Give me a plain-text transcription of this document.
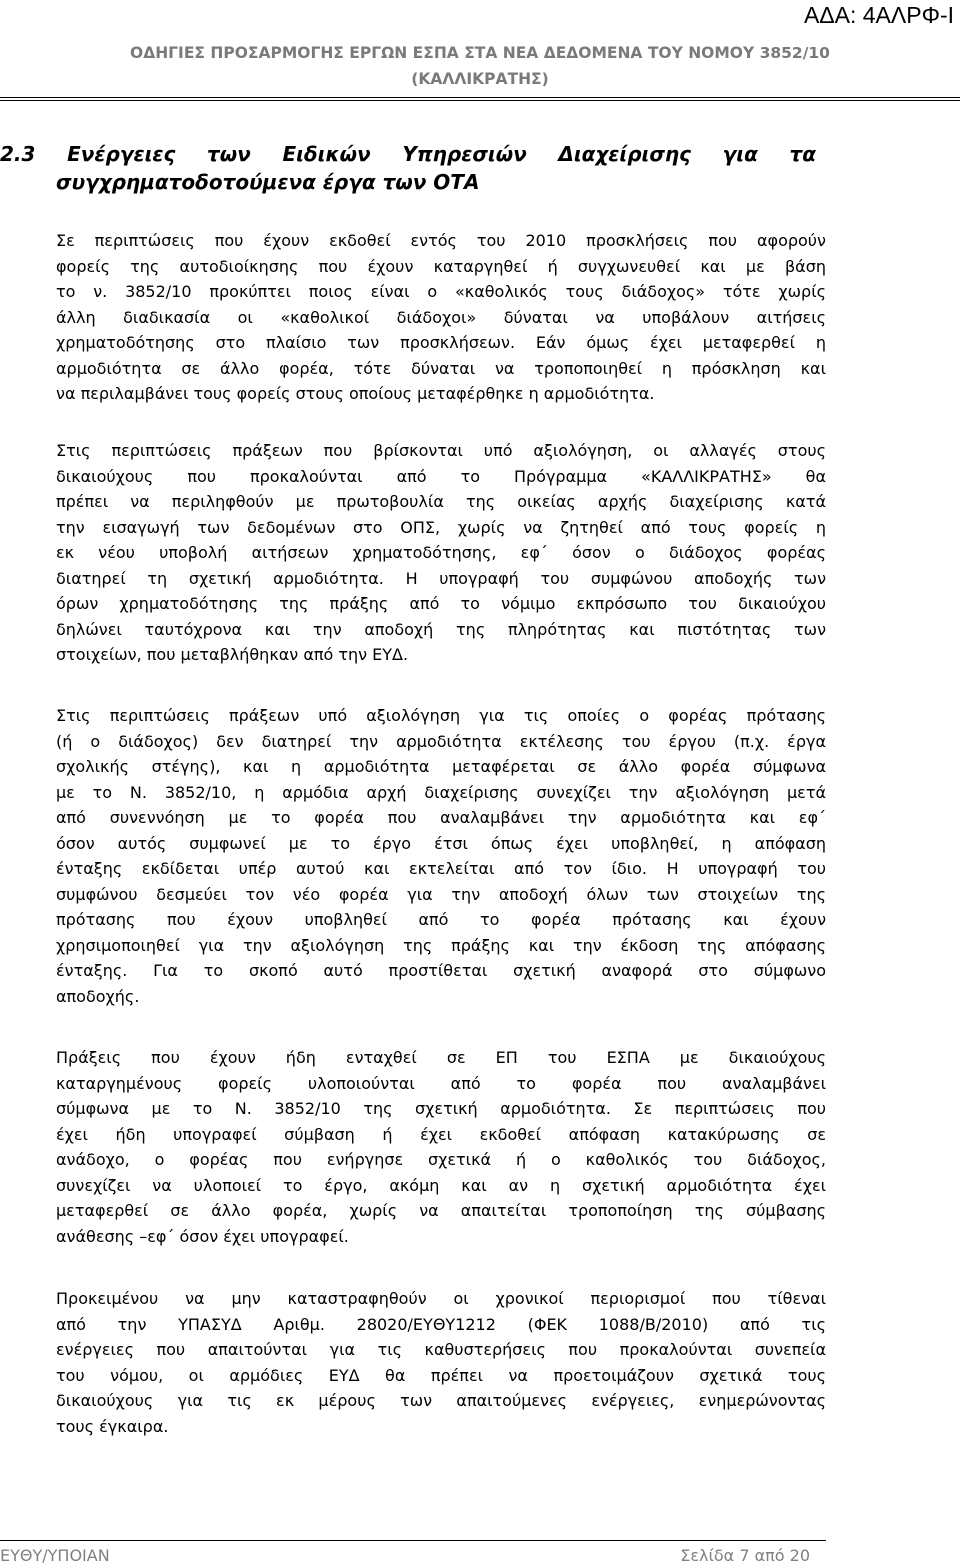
ΑΔΑ: 4ΑΛΡΦ-Ι
ΟΔΗΓΙΕΣ ΠΡΟΣΑΡΜΟΓΗΣ ΕΡΓΩΝ ΕΣΠΑ ΣΤΑ ΝΕΑ ΔΕΔΟΜΕΝΑ ΤΟΥ ΝΟΜΟΥ 3852/10
(ΚΑΛΛΙΚΡΑΤΗΣ)
2.3 Ενέργειες των Ειδικών Υπηρεσιών Διαχείρισης για τα
συγχρηματοδοτούμενα έργα των ΟΤΑ
Σε περιπτώσεις που έχουν εκδοθεί εντός του 2010 προσκλήσεις που αφορούν
φορείς της αυτοδιοίκησης που έχουν καταργηθεί ή συγχωνευθεί και με βάση
το ν. 3852/10 προκύπτει ποιος είναι ο «καθολικός τους διάδοχος» τότε χωρίς
άλλη διαδικασία οι «καθολικοί διάδοχοι» δύναται να υποβάλουν αιτήσεις
χρηματοδότησης στο πλαίσιο των προσκλήσεων. Εάν όμως έχει μεταφερθεί η
αρμοδιότητα σε άλλο φορέα, τότε δύναται να τροποποιηθεί η πρόσκληση και
να περιλαμβάνει τους φορείς στους οποίους μεταφέρθηκε η αρμοδιότητα.
Στις περιπτώσεις πράξεων που βρίσκονται υπό αξιολόγηση, οι αλλαγές στους
δικαιούχους που προκαλούνται από το Πρόγραμμα «ΚΑΛΛΙΚΡΑΤΗΣ» θα
πρέπει να περιληφθούν με πρωτοβουλία της οικείας αρχής διαχείρισης κατά
την εισαγωγή των δεδομένων στο ΟΠΣ, χωρίς να ζητηθεί από τους φορείς η
εκ νέου υποβολή αιτήσεων χρηματοδότησης, εφ΄ όσον ο διάδοχος φορέας
διατηρεί τη σχετική αρμοδιότητα. Η υπογραφή του συμφώνου αποδοχής των
όρων χρηματοδότησης της πράξης από το νόμιμο εκπρόσωπο του δικαιούχου
δηλώνει ταυτόχρονα και την αποδοχή της πληρότητας και πιστότητας των
στοιχείων, που μεταβλήθηκαν από την ΕΥΔ.
Στις περιπτώσεις πράξεων υπό αξιολόγηση για τις οποίες ο φορέας πρότασης
(ή ο διάδοχος) δεν διατηρεί την αρμοδιότητα εκτέλεσης του έργου (π.χ. έργα
σχολικής στέγης), και η αρμοδιότητα μεταφέρεται σε άλλο φορέα σύμφωνα
με το Ν. 3852/10, η αρμόδια αρχή διαχείρισης συνεχίζει την αξιολόγηση μετά
από συνεννόηση με το φορέα που αναλαμβάνει την αρμοδιότητα και εφ΄
όσον αυτός συμφωνεί με το έργο έτσι όπως έχει υποβληθεί, η απόφαση
ένταξης εκδίδεται υπέρ αυτού και εκτελείται από τον ίδιο. Η υπογραφή του
συμφώνου δεσμεύει τον νέο φορέα για την αποδοχή όλων των στοιχείων της
πρότασης που έχουν υποβληθεί από το φορέα πρότασης και έχουν
χρησιμοποιηθεί για την αξιολόγηση της πράξης και την έκδοση της απόφασης
ένταξης. Για το σκοπό αυτό προστίθεται σχετική αναφορά στο σύμφωνο
αποδοχής.
Πράξεις που έχουν ήδη ενταχθεί σε ΕΠ του ΕΣΠΑ με δικαιούχους
καταργημένους φορείς υλοποιούνται από το φορέα που αναλαμβάνει
σύμφωνα με το Ν. 3852/10 της σχετική αρμοδιότητα. Σε περιπτώσεις που
έχει ήδη υπογραφεί σύμβαση ή έχει εκδοθεί απόφαση κατακύρωσης σε
ανάδοχο, ο φορέας που ενήργησε σχετικά ή ο καθολικός του διάδοχος,
συνεχίζει να υλοποιεί το έργο, ακόμη και αν η σχετική αρμοδιότητα έχει
μεταφερθεί σε άλλο φορέα, χωρίς να απαιτείται τροποποίηση της σύμβασης
ανάθεσης –εφ΄ όσον έχει υπογραφεί.
Προκειμένου να μην καταστραφηθούν οι χρονικοί περιορισμοί που τίθεναι
από την ΥΠΑΣΥΔ Αριθμ. 28020/ΕΥΘΥ1212 (ΦΕΚ 1088/Β/2010) από τις
ενέργειες που απαιτούνται για τις καθυστερήσεις που προκαλούνται συνεπεία
του νόμου, οι αρμόδιες ΕΥΔ θα πρέπει να προετοιμάζουν σχετικά τους
δικαιούχους για τις εκ μέρους των απαιτούμενες ενέργειες, ενημερώνοντας
τους έγκαιρα.
ΕΥΘΥ/ΥΠΟΙΑΝ	Σελίδα 7 από 20
